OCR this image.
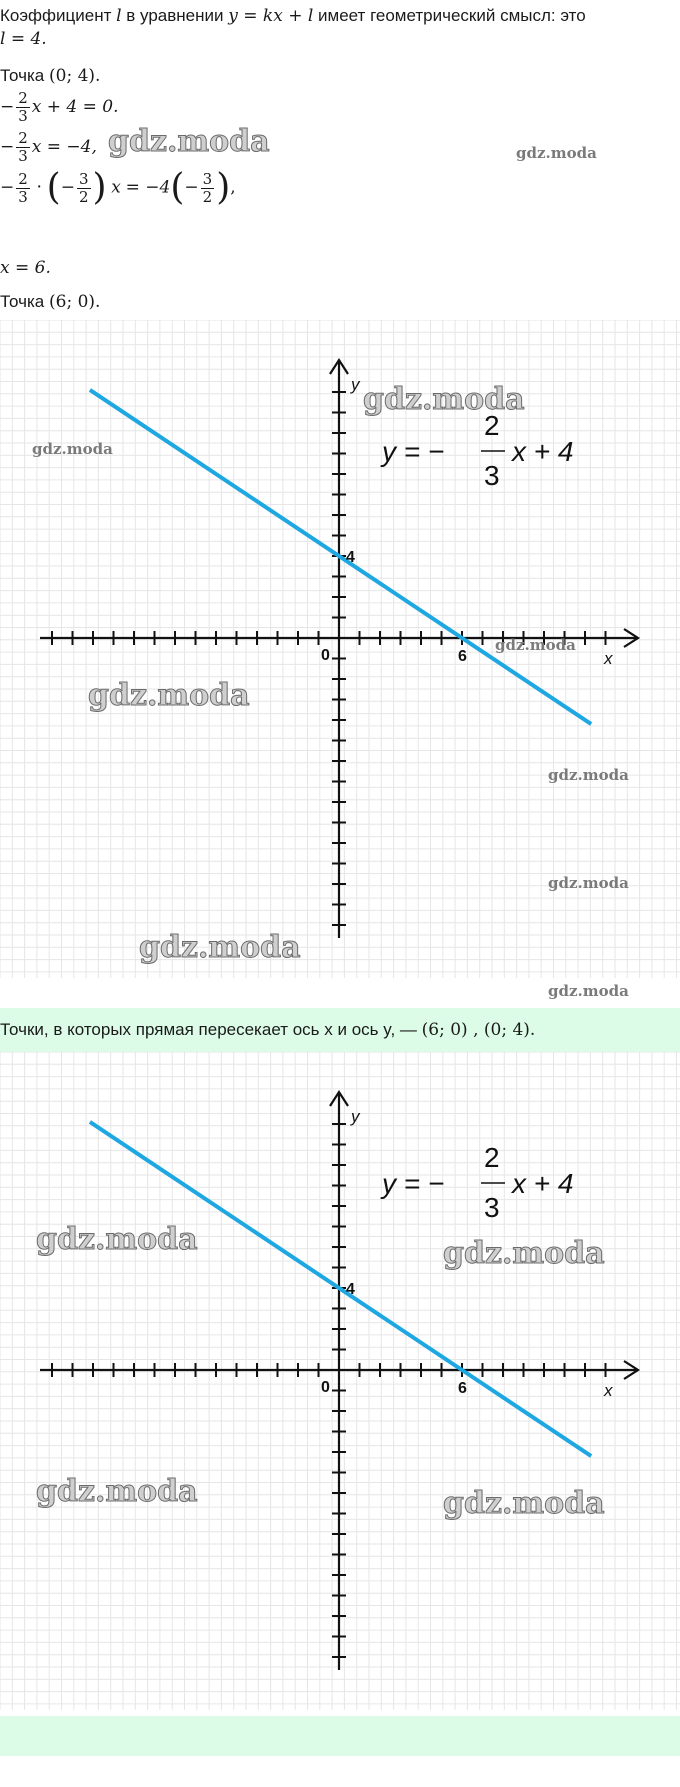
Коэффициент l в уравнении y = kx + l имеет геометрический смысл: это
l = 4.
Точка (0; 4).
− $\frac{2}{3}$ x + 4 = 0.
− $\frac{2}{3}$ x = −4,
− $\frac{2}{3}$ · (− $\frac{3}{2}$ ) $x = -4(- \frac{3}{2}$ ),
x = 6.
Точка (6; 0).
gdz.moda	gdz.moda
x
y
0	6
4
y = −
2
3
x + 4
gdz.moda
gdz.moda
gdz.moda
gdz.moda
gdz.moda
gdz.moda
gdz.moda
gdz.moda
Точки, в которых прямая пересекает ось x и ось y, — (6; 0) , (0; 4).
x
y
0	6
4
y = −
2
3
x + 4
gdz.moda	gdz.moda
gdz.moda	gdz.moda
